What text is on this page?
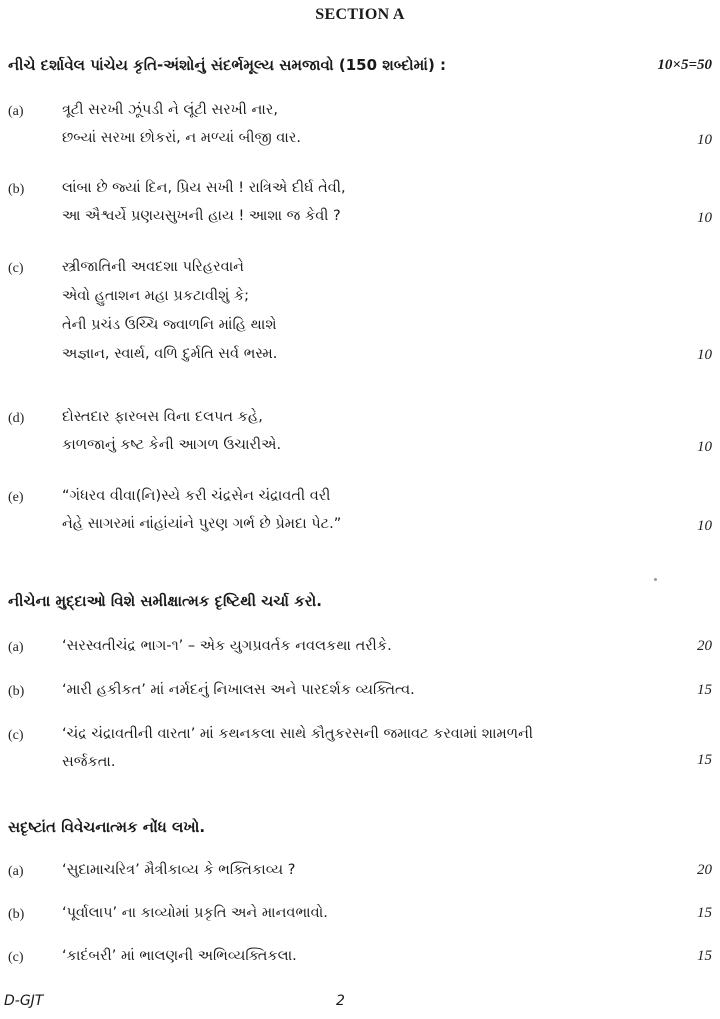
SECTION A
નીચે દર્શાવેલ પાંચેય કૃતિ-અંશોનું સંદર્ભમૂલ્ય સમજાવો (150 શબ્દોમાં) :	10×5=50
(a)	ત્રૂટી સરખી ઝૂંપડી ને લૂંટી સરખી નાર,
છબ્યાં સરખા છોકરાં, ન મળ્યાં બીજી વાર.	10
(b)	લાંબા છે જ્યાં દિન, પ્રિય સખી ! રાત્રિએ દીર્ઘ તેવી,
આ ઐશ્વર્યે પ્રણયસુખની હાય ! આશા જ કેવી ?	10
(c)	સ્ત્રીજાતિની અવદશા પરિહરવાને
એવો હુતાશન મહા પ્રકટાવીશું કે;
તેની પ્રચંડ ઉચ્ચિ જ્વાળનિ માંહિ થાશે
અજ્ઞાન, સ્વાર્થ, વળિ દુર્મતિ સર્વ ભસ્મ.	10
(d)	દોસ્તદાર ફારબસ વિના દલપત કહે,
કાળજાનું કષ્ટ કેની આગળ ઉચારીએ.	10
(e)	“ગંધરવ વીવા(નિ)સ્યે કરી ચંદ્રસેન ચંદ્રાવતી વરી
નેહે સાગરમાં નાંહાંયાંને પુરણ ગર્ભ છે પ્રેમદા પેટ.”	10
નીચેના મુદ્દાઓ વિશે સમીક્ષાત્મક દૃષ્ટિથી ચર્ચા કરો.
(a)	‘સરસ્વતીચંદ્ર ભાગ-૧’ – એક યુગપ્રવર્તક નવલકથા તરીકે.	20
(b)	‘મારી હકીકત’ માં નર્મદનું નિખાલસ અને પારદર્શક વ્યક્તિત્વ.	15
(c)	‘ચંદ્ર ચંદ્રાવતીની વારતા’ માં કથનકલા સાથે કૌતુકરસની જમાવટ કરવામાં શામળની
સર્જકતા.	15
સદૃષ્ટાંત વિવેચનાત્મક નોંધ લખો.
(a)	‘સુદામાચરિત્ર’ મૈત્રીકાવ્ય કે ભક્તિકાવ્ય ?	20
(b)	‘પૂર્વાલાપ’ ના કાવ્યોમાં પ્રકૃતિ અને માનવભાવો.	15
(c)	‘કાદંબરી’ માં ભાલણની અભિવ્યક્તિકલા.	15
D-GJT	2
